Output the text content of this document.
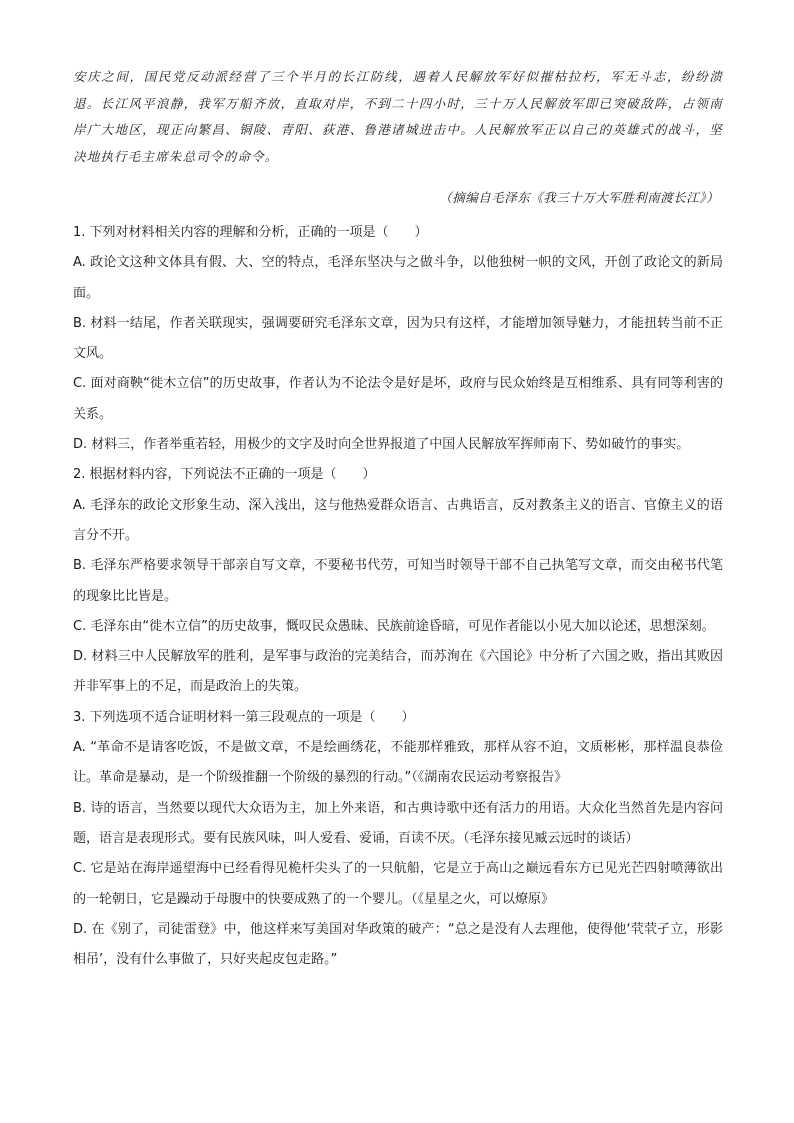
安庆之间，国民党反动派经营了三个半月的长江防线，遇着人民解放军好似摧枯拉朽，军无斗志，纷纷溃退。长江风平浪静，我军万船齐放，直取对岸，不到二十四小时，三十万人民解放军即已突破敌阵，占领南岸广大地区，现正向繁昌、铜陵、青阳、荻港、鲁港诸城进击中。人民解放军正以自己的英雄式的战斗，坚决地执行毛主席朱总司令的命令。

（摘编自毛泽东《我三十万大军胜利南渡长江》）

1. 下列对材料相关内容的理解和分析，正确的一项是（　　）

A. 政论文这种文体具有假、大、空的特点，毛泽东坚决与之做斗争，以他独树一帜的文风，开创了政论文的新局面。

B. 材料一结尾，作者关联现实，强调要研究毛泽东文章，因为只有这样，才能增加领导魅力，才能扭转当前不正文风。

C. 面对商鞅“徙木立信”的历史故事，作者认为不论法令是好是坏，政府与民众始终是互相维系、具有同等利害的关系。

D. 材料三，作者举重若轻，用极少的文字及时向全世界报道了中国人民解放军挥师南下、势如破竹的事实。

2. 根据材料内容，下列说法不正确的一项是（　　）

A. 毛泽东的政论文形象生动、深入浅出，这与他热爱群众语言、古典语言，反对教条主义的语言、官僚主义的语言分不开。

B. 毛泽东严格要求领导干部亲自写文章，不要秘书代劳，可知当时领导干部不自己执笔写文章，而交由秘书代笔的现象比比皆是。

C. 毛泽东由“徙木立信”的历史故事，慨叹民众愚昧、民族前途昏暗，可见作者能以小见大加以论述，思想深刻。

D. 材料三中人民解放军的胜利，是军事与政治的完美结合，而苏洵在《六国论》中分析了六国之败，指出其败因并非军事上的不足，而是政治上的失策。

3. 下列选项不适合证明材料一第三段观点的一项是（　　）

A. “革命不是请客吃饭，不是做文章，不是绘画绣花，不能那样雅致，那样从容不迫，文质彬彬，那样温良恭俭让。革命是暴动，是一个阶级推翻一个阶级的暴烈的行动。”（《湖南农民运动考察报告》

B. 诗的语言，当然要以现代大众语为主，加上外来语，和古典诗歌中还有活力的用语。大众化当然首先是内容问题，语言是表现形式。要有民族风味，叫人爱看、爱诵，百读不厌。（毛泽东接见臧云远时的谈话）

C. 它是站在海岸遥望海中已经看得见桅杆尖头了的一只航船，它是立于高山之巅远看东方已见光芒四射喷薄欲出的一轮朝日，它是躁动于母腹中的快要成熟了的一个婴儿。（《星星之火，可以燎原》

D. 在《别了，司徒雷登》中，他这样来写美国对华政策的破产：“总之是没有人去理他，使得他‘茕茕孑立，形影相吊’，没有什么事做了，只好夹起皮包走路。”
